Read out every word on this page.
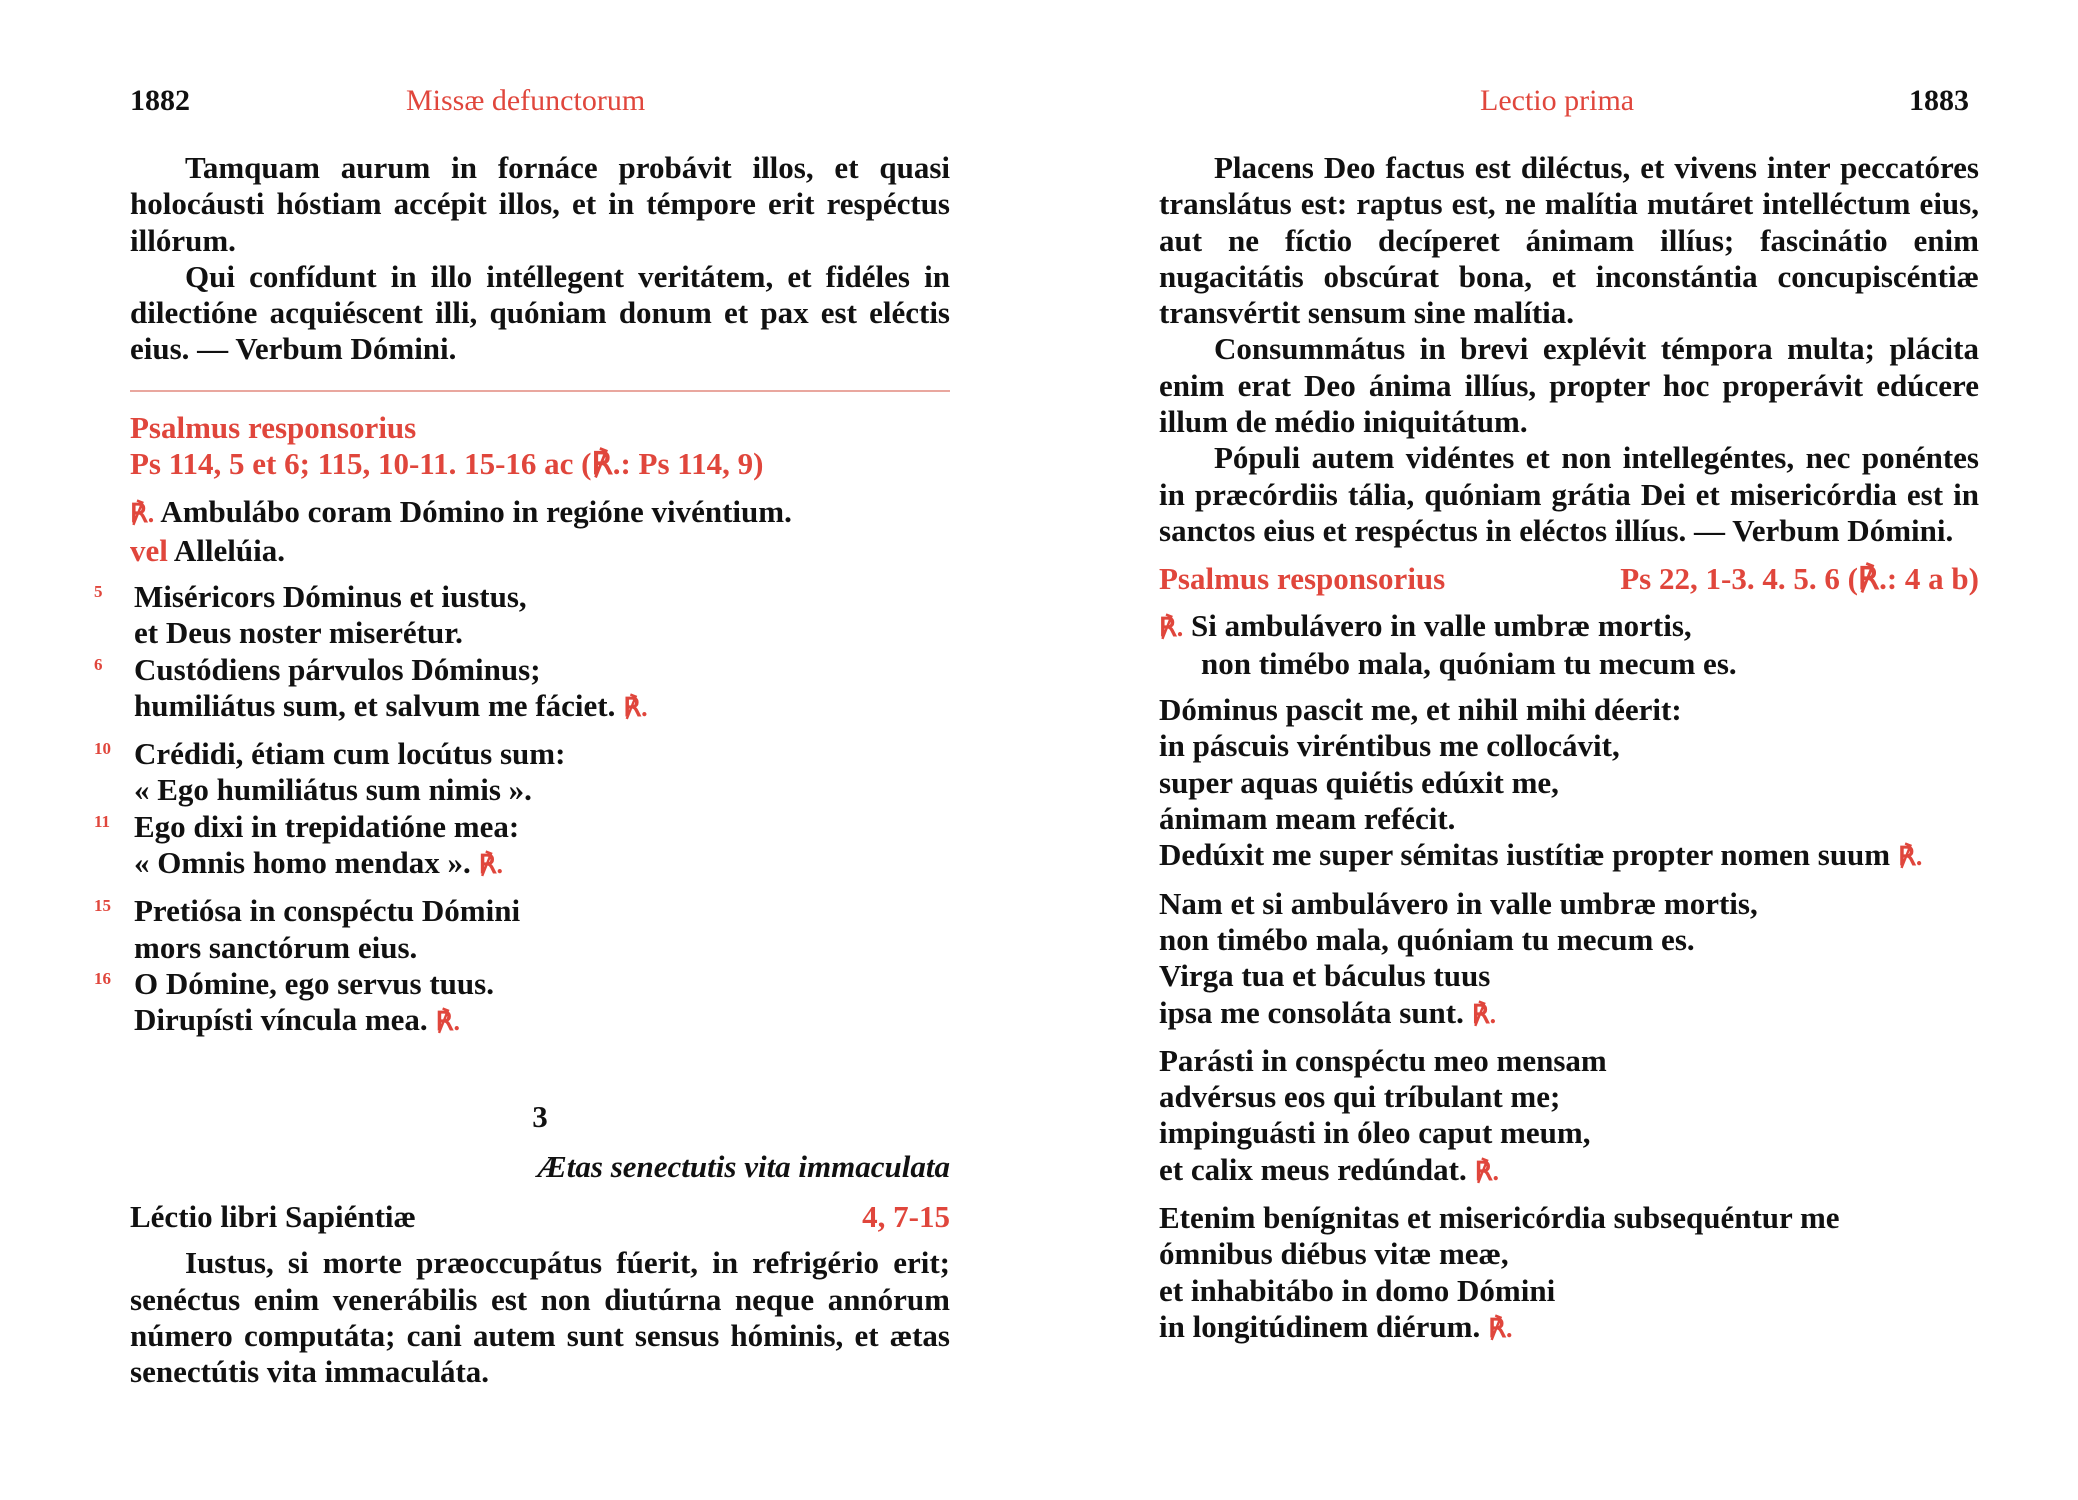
1882	Missæ defunctorum

Tamquam aurum in fornáce probávit illos, et quasi holocáusti hóstiam accépit illos, et in témpore erit respéctus illórum.

Qui confídunt in illo intéllegent veritátem, et fidéles in dilectióne acquiéscent illi, quóniam donum et pax est eléctis eius. — Verbum Dómini.

Psalmus responsorius
Ps 114, 5 et 6; 115, 10-11. 15-16 ac (℟.: Ps 114, 9)
℟. Ambulábo coram Dómino in regióne vivéntium.
vel Allelúia.
5 Miséricors Dóminus et iustus,
et Deus noster miserétur.
6 Custódiens párvulos Dóminus;
humiliátus sum, et salvum me fáciet. ℟.
10 Crédidi, étiam cum locútus sum:
« Ego humiliátus sum nimis ».
11 Ego dixi in trepidatióne mea:
« Omnis homo mendax ». ℟.
15 Pretiósa in conspéctu Dómini
mors sanctórum eius.
16 O Dómine, ego servus tuus.
Dirupísti víncula mea. ℟.
3
Ætas senectutis vita immaculata
Léctio libri Sapiéntiæ	4, 7-15

Iustus, si morte præoccupátus fúerit, in refrigério erit; senéctus enim venerábilis est non diutúrna neque annórum número computáta; cani autem sunt sensus hóminis, et ætas senectútis vita immaculáta.

Lectio prima	1883

Placens Deo factus est diléctus, et vivens inter peccatóres translátus est: raptus est, ne malítia mutáret intelléctum eius, aut ne fíctio decíperet ánimam illíus; fascinátio enim nugacitátis obscúrat bona, et inconstántia concupiscéntiæ transvértit sensum sine malítia.

Consummátus in brevi explévit témpora multa; plácita enim erat Deo ánima illíus, propter hoc properávit edúcere illum de médio iniquitátum.

Pópuli autem vidéntes et non intellegéntes, nec ponéntes in præcórdiis tália, quóniam grátia Dei et misericórdia est in sanctos eius et respéctus in eléctos illíus. — Verbum Dómini.

Psalmus responsorius	Ps 22, 1-3. 4. 5. 6 (℟.: 4 a b)
℟. Si ambulávero in valle umbræ mortis,
non timébo mala, quóniam tu mecum es.
Dóminus pascit me, et nihil mihi déerit:
in páscuis viréntibus me collocávit,
super aquas quiétis edúxit me,
ánimam meam refécit.
Dedúxit me super sémitas iustítiæ propter nomen suum ℟.
Nam et si ambulávero in valle umbræ mortis,
non timébo mala, quóniam tu mecum es.
Virga tua et báculus tuus
ipsa me consoláta sunt. ℟.
Parásti in conspéctu meo mensam
advérsus eos qui tríbulant me;
impinguásti in óleo caput meum,
et calix meus redúndat. ℟.
Etenim benígnitas et misericórdia subsequéntur me
ómnibus diébus vitæ meæ,
et inhabitábo in domo Dómini
in longitúdinem diérum. ℟.
